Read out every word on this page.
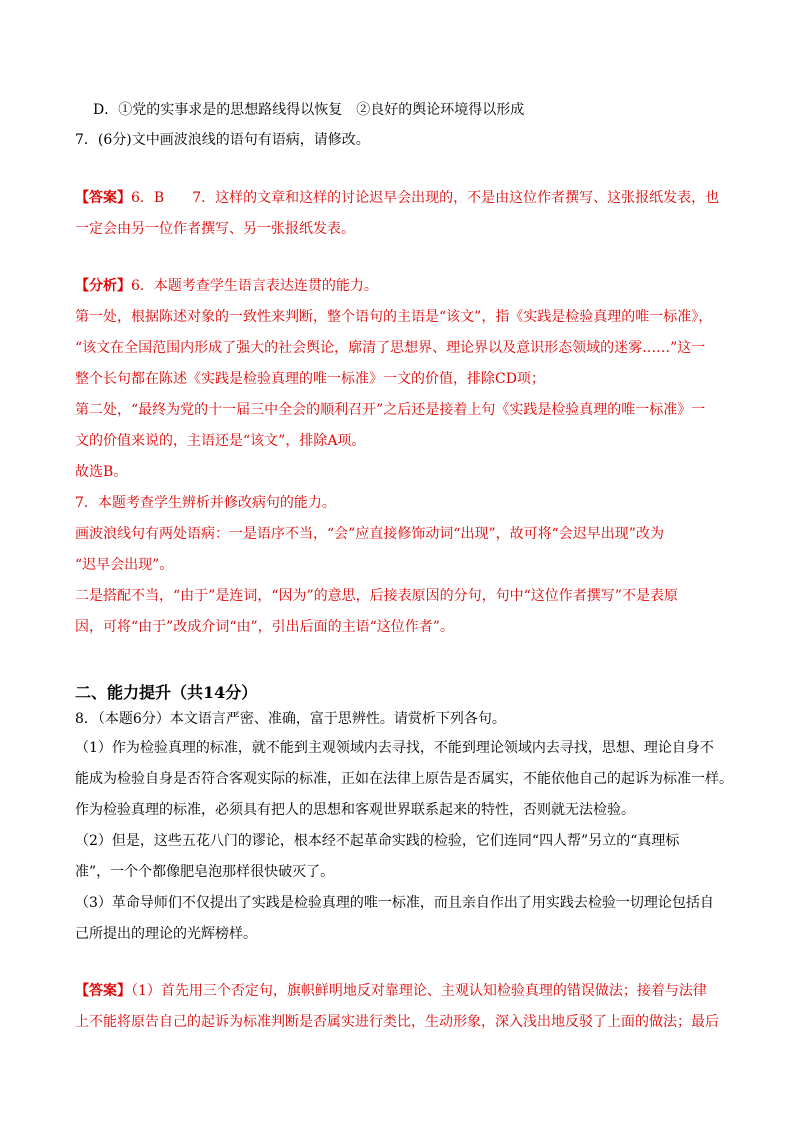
D．①党的实事求是的思想路线得以恢复　②良好的舆论环境得以形成
7．(6分)文中画波浪线的语句有语病，请修改。
【答案】6．B　　7．这样的文章和这样的讨论迟早会出现的，不是由这位作者撰写、这张报纸发表，也
一定会由另一位作者撰写、另一张报纸发表。
【分析】6．本题考查学生语言表达连贯的能力。
第一处，根据陈述对象的一致性来判断，整个语句的主语是“该文”，指《实践是检验真理的唯一标准》，
“该文在全国范围内形成了强大的社会舆论，廓清了思想界、理论界以及意识形态领域的迷雾……”这一
整个长句都在陈述《实践是检验真理的唯一标准》一文的价值，排除CD项；
第二处，“最终为党的十一届三中全会的顺利召开”之后还是接着上句《实践是检验真理的唯一标准》一
文的价值来说的，主语还是“该文”，排除A项。
故选B。
7．本题考查学生辨析并修改病句的能力。
画波浪线句有两处语病：一是语序不当，“会”应直接修饰动词“出现”，故可将“会迟早出现”改为
“迟早会出现”。
二是搭配不当，“由于”是连词，“因为”的意思，后接表原因的分句，句中“这位作者撰写”不是表原
因，可将“由于”改成介词“由”，引出后面的主语“这位作者”。
二、能力提升（共14分）
8．（本题6分）本文语言严密、准确，富于思辨性。请赏析下列各句。
（1）作为检验真理的标准，就不能到主观领域内去寻找，不能到理论领域内去寻找，思想、理论自身不
能成为检验自身是否符合客观实际的标准，正如在法律上原告是否属实，不能依他自己的起诉为标准一样。
作为检验真理的标准，必须具有把人的思想和客观世界联系起来的特性，否则就无法检验。
（2）但是，这些五花八门的谬论，根本经不起革命实践的检验，它们连同“四人帮”另立的“真理标
准”，一个个都像肥皂泡那样很快破灭了。
（3）革命导师们不仅提出了实践是检验真理的唯一标准，而且亲自作出了用实践去检验一切理论包括自
己所提出的理论的光辉榜样。
【答案】（1）首先用三个否定句，旗帜鲜明地反对靠理论、主观认知检验真理的错误做法；接着与法律
上不能将原告自己的起诉为标准判断是否属实进行类比，生动形象，深入浅出地反驳了上面的做法；最后
